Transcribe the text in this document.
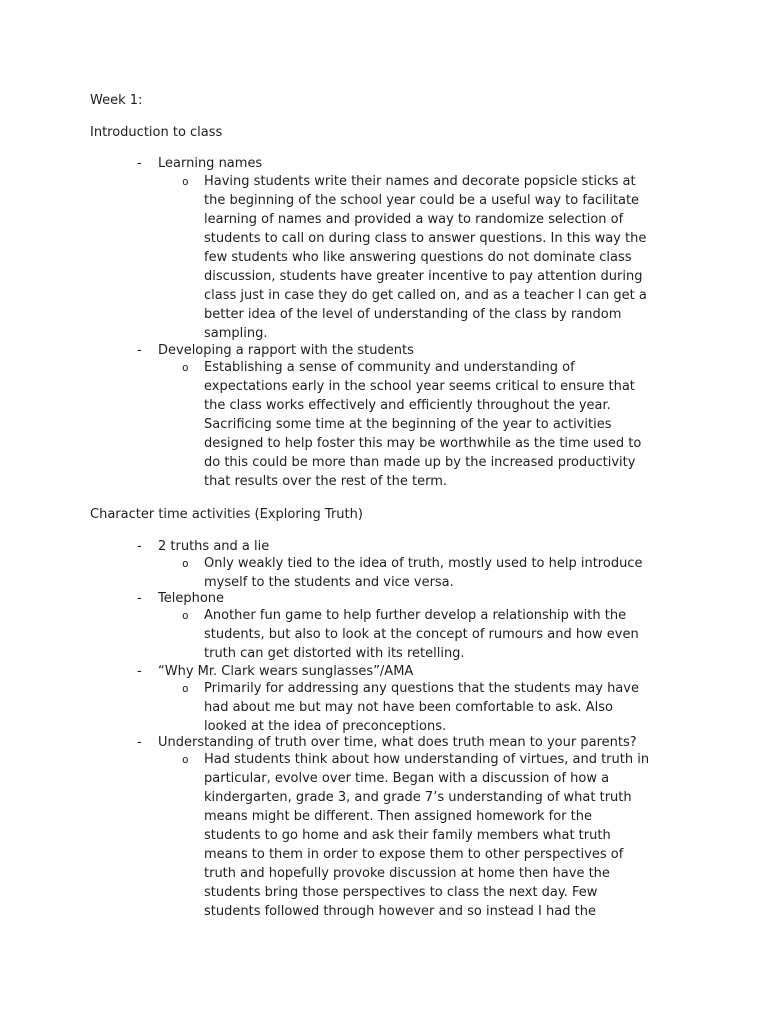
Week 1:
Introduction to class
- Learning names
o Having students write their names and decorate popsicle sticks at
the beginning of the school year could be a useful way to facilitate
learning of names and provided a way to randomize selection of
students to call on during class to answer questions. In this way the
few students who like answering questions do not dominate class
discussion, students have greater incentive to pay attention during
class just in case they do get called on, and as a teacher I can get a
better idea of the level of understanding of the class by random
sampling.
- Developing a rapport with the students
o Establishing a sense of community and understanding of
expectations early in the school year seems critical to ensure that
the class works effectively and efficiently throughout the year.
Sacrificing some time at the beginning of the year to activities
designed to help foster this may be worthwhile as the time used to
do this could be more than made up by the increased productivity
that results over the rest of the term.
Character time activities (Exploring Truth)
- 2 truths and a lie
o Only weakly tied to the idea of truth, mostly used to help introduce
myself to the students and vice versa.
- Telephone
o Another fun game to help further develop a relationship with the
students, but also to look at the concept of rumours and how even
truth can get distorted with its retelling.
- “Why Mr. Clark wears sunglasses”/AMA
o Primarily for addressing any questions that the students may have
had about me but may not have been comfortable to ask. Also
looked at the idea of preconceptions.
- Understanding of truth over time, what does truth mean to your parents?
o Had students think about how understanding of virtues, and truth in
particular, evolve over time. Began with a discussion of how a
kindergarten, grade 3, and grade 7’s understanding of what truth
means might be different. Then assigned homework for the
students to go home and ask their family members what truth
means to them in order to expose them to other perspectives of
truth and hopefully provoke discussion at home then have the
students bring those perspectives to class the next day. Few
students followed through however and so instead I had the
